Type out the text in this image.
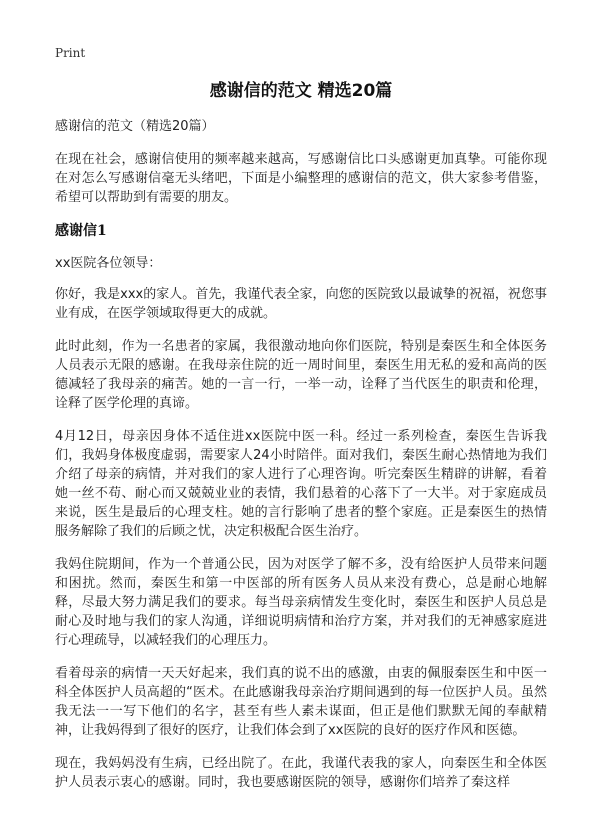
Print
感谢信的范文 精选20篇
感谢信的范文（精选20篇）

在现在社会，感谢信使用的频率越来越高，写感谢信比口头感谢更加真挚。可能你现在对怎么写感谢信毫无头绪吧，下面是小编整理的感谢信的范文，供大家参考借鉴，希望可以帮助到有需要的朋友。

感谢信1
xx医院各位领导：

你好，我是xxx的家人。首先，我谨代表全家，向您的医院致以最诚挚的祝福，祝您事业有成，在医学领域取得更大的成就。

此时此刻，作为一名患者的家属，我很激动地向你们医院，特别是秦医生和全体医务人员表示无限的感谢。在我母亲住院的近一周时间里，秦医生用无私的爱和高尚的医德减轻了我母亲的痛苦。她的一言一行，一举一动，诠释了当代医生的职责和伦理，诠释了医学伦理的真谛。

4月12日，母亲因身体不适住进xx医院中医一科。经过一系列检查，秦医生告诉我们，我妈身体极度虚弱，需要家人24小时陪伴。面对我们，秦医生耐心热情地为我们介绍了母亲的病情，并对我们的家人进行了心理咨询。听完秦医生精辟的讲解，看着她一丝不苟、耐心而又兢兢业业的表情，我们悬着的心落下了一大半。对于家庭成员来说，医生是最后的心理支柱。她的言行影响了患者的整个家庭。正是秦医生的热情服务解除了我们的后顾之忧，决定积极配合医生治疗。

我妈住院期间，作为一个普通公民，因为对医学了解不多，没有给医护人员带来问题和困扰。然而，秦医生和第一中医部的所有医务人员从来没有费心，总是耐心地解释，尽最大努力满足我们的要求。每当母亲病情发生变化时，秦医生和医护人员总是耐心及时地与我们的家人沟通，详细说明病情和治疗方案，并对我们的无神感家庭进行心理疏导，以减轻我们的心理压力。

看着母亲的病情一天天好起来，我们真的说不出的感激，由衷的佩服秦医生和中医一科全体医护人员高超的“医术。在此感谢我母亲治疗期间遇到的每一位医护人员。虽然我无法一一写下他们的名字，甚至有些人素未谋面，但正是他们默默无闻的奉献精神，让我妈得到了很好的医疗，让我们体会到了xx医院的良好的医疗作风和医德。

现在，我妈妈没有生病，已经出院了。在此，我谨代表我的家人，向秦医生和全体医护人员表示衷心的感谢。同时，我也要感谢医院的领导，感谢你们培养了秦这样
